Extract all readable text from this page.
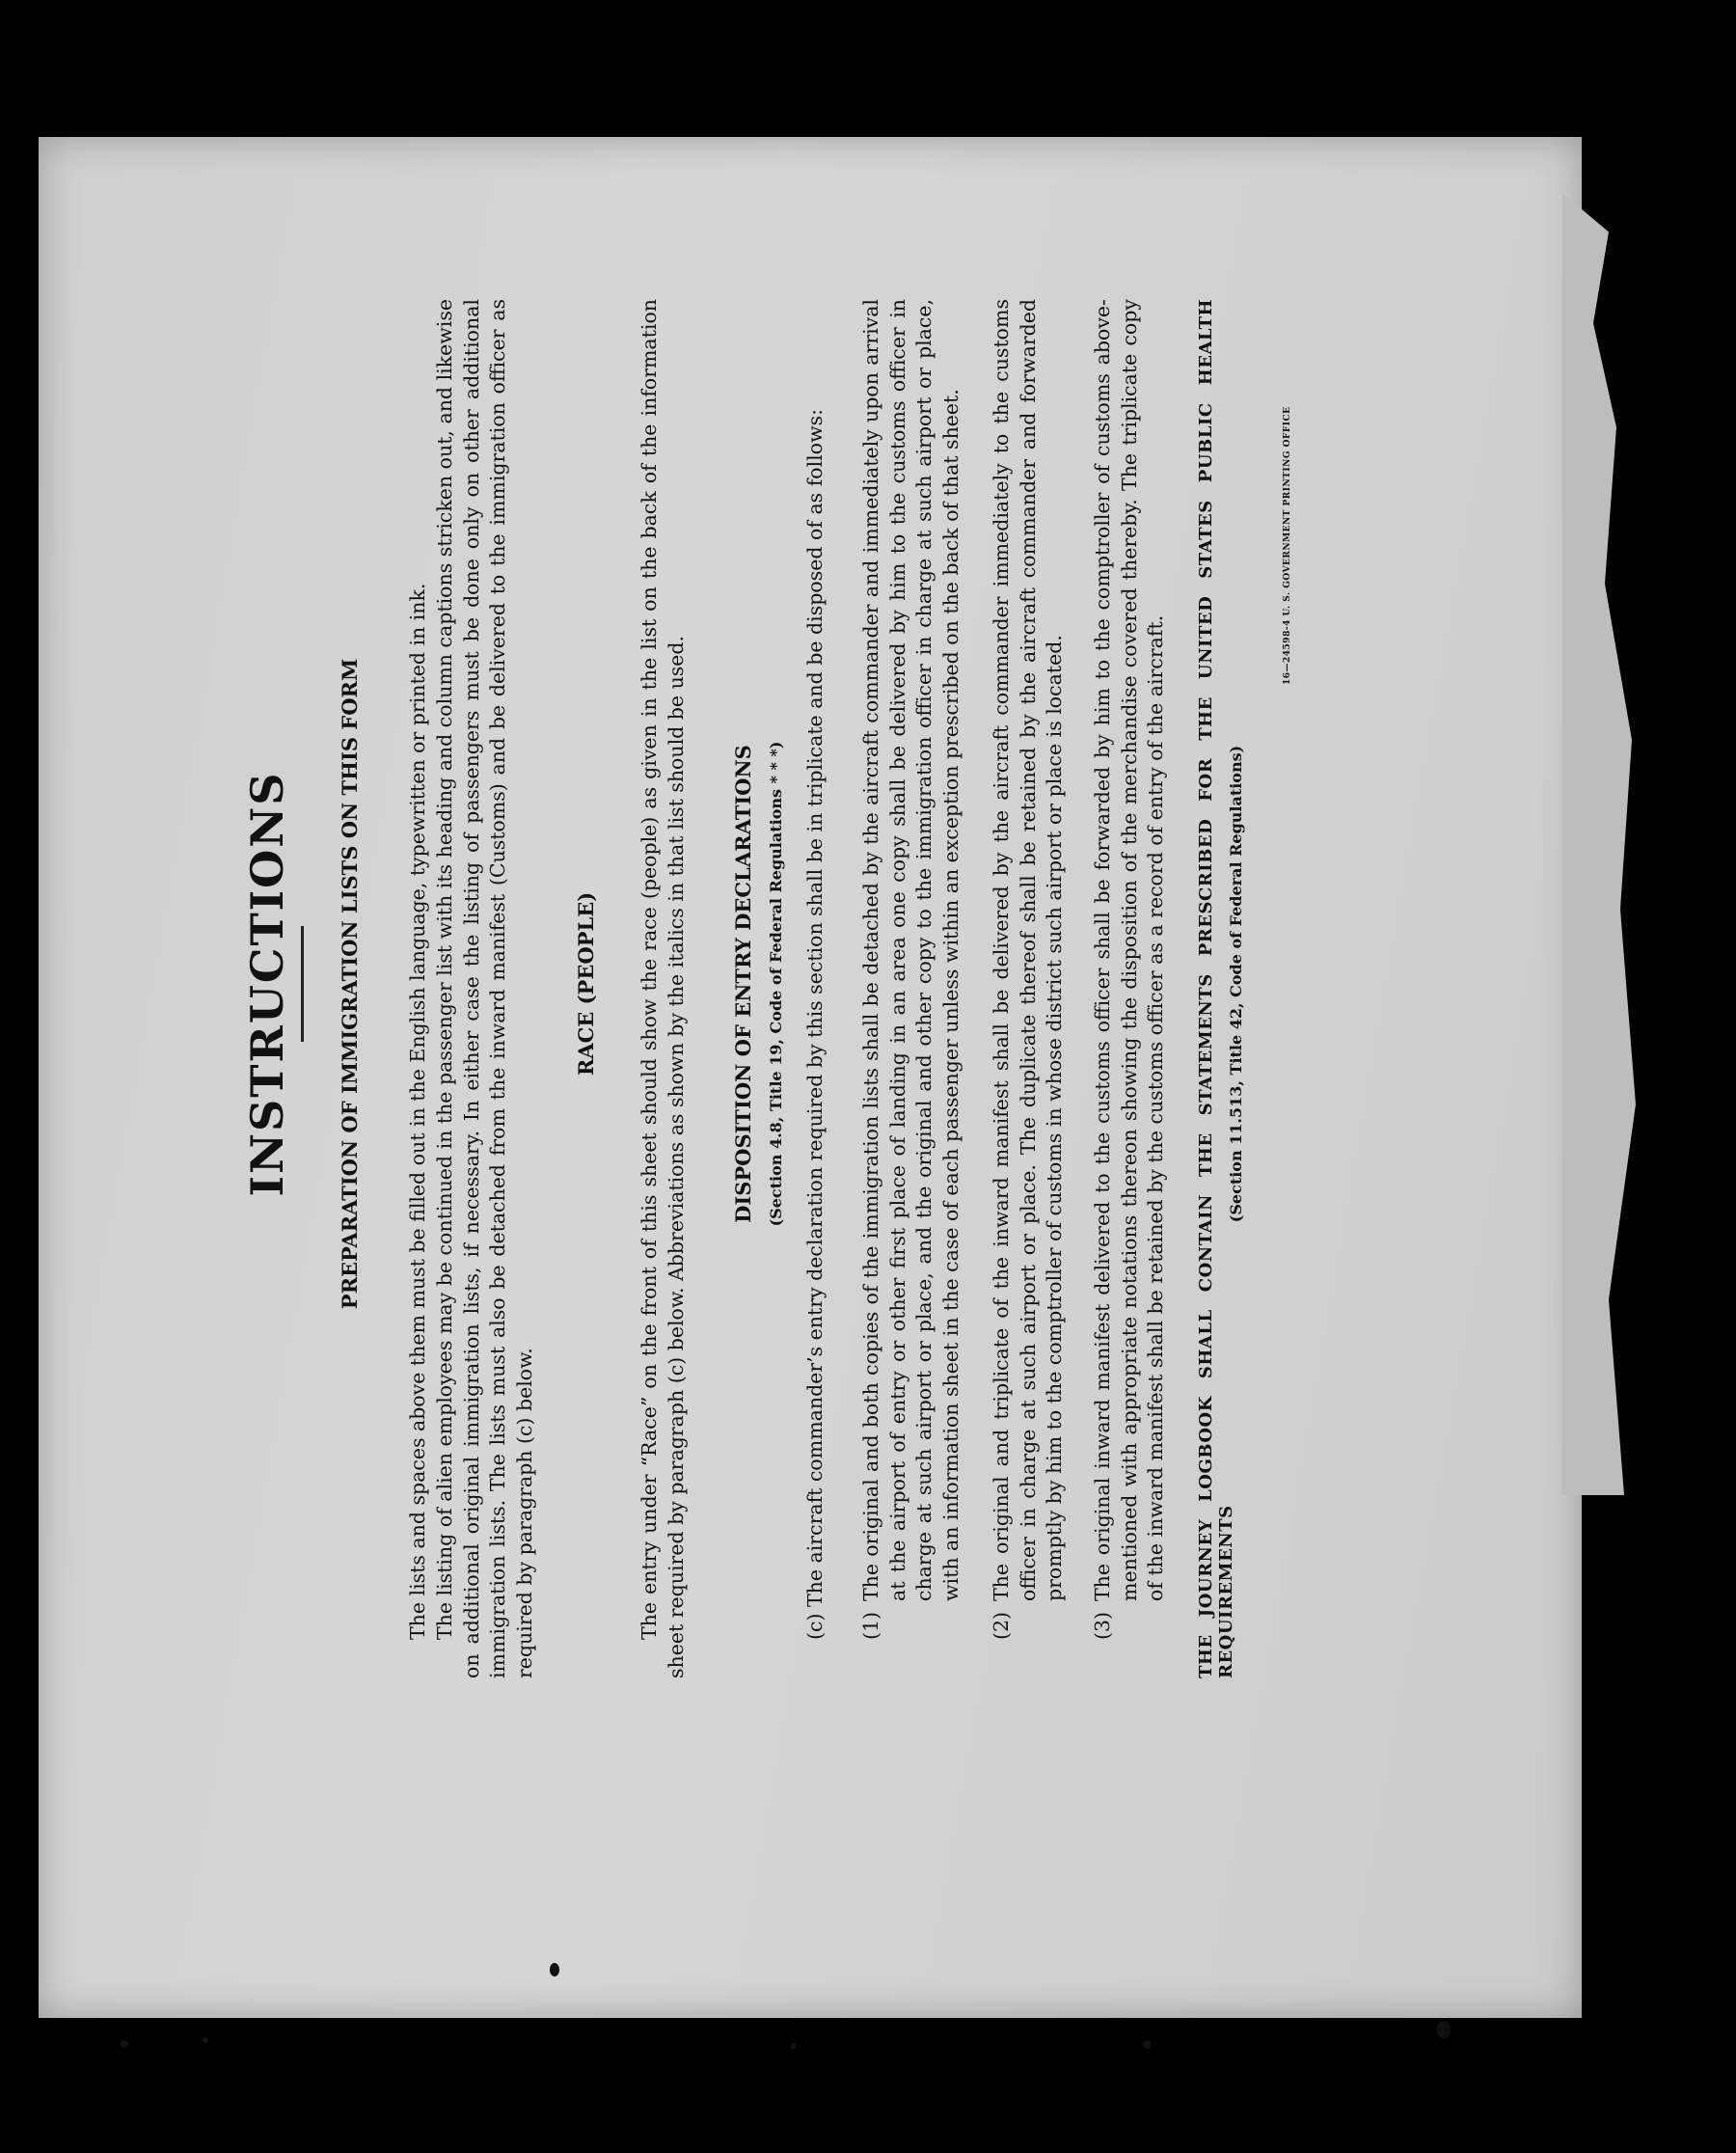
INSTRUCTIONS PREPARATION OF IMMIGRATION LISTS ON THIS FORM The lists and spaces above them must be filled out in the English language, typewritten or printed in ink. The listing of alien employees may be continued in the passenger list with its heading and column captions stricken out, and likewise on additional original immigration lists, if necessary. In either case the listing of passengers must be done only on other additional immigration lists. The lists must also be detached from the inward manifest (Customs) and be delivered to the immigration officer as required by paragraph (c) below.
RACE (PEOPLE) The entry under “Race” on the front of this sheet should show the race (people) as given in the list on the back of the information sheet required by paragraph (c) below. Abbreviations as shown by the italics in that list should be used. DISPOSITION OF ENTRY DECLARATIONS (Section 4.8, Title 19, Code of Federal Regulations * * *) (c) The aircraft commander’s entry declaration required by this section shall be in triplicate and be disposed of as follows: (1)
The original and both copies of the immigration lists shall be detached by the aircraft commander and immediately upon arrival at the airport of entry or other first place of landing in an area one copy shall be delivered by him to the customs officer in charge at such airport or place, and the original and other copy to the immigration officer in charge at such airport or place, with an information sheet in the case of each passenger unless within an exception prescribed on the back of that sheet.
(2)
The original and triplicate of the inward manifest shall be delivered by the aircraft commander immediately to the customs officer in charge at such airport or place. The duplicate thereof shall be retained by the aircraft commander and forwarded promptly by him to the comptroller of customs in whose district such airport or place is located.
(3)
The original inward manifest delivered to the customs officer shall be forwarded by him to the comptroller of customs above-mentioned with appropriate notations thereon showing the disposition of the merchandise covered thereby. The triplicate copy of the inward manifest shall be retained by the customs officer as a record of entry of the aircraft. THE JOURNEY LOGBOOK SHALL CONTAIN THE STATEMENTS PRESCRIBED FOR THE UNITED STATES PUBLIC HEALTH REQUIREMENTS
(Section 11.513, Title 42, Code of Federal Regulations)
16—24598-4 U. S. GOVERNMENT PRINTING OFFICE
